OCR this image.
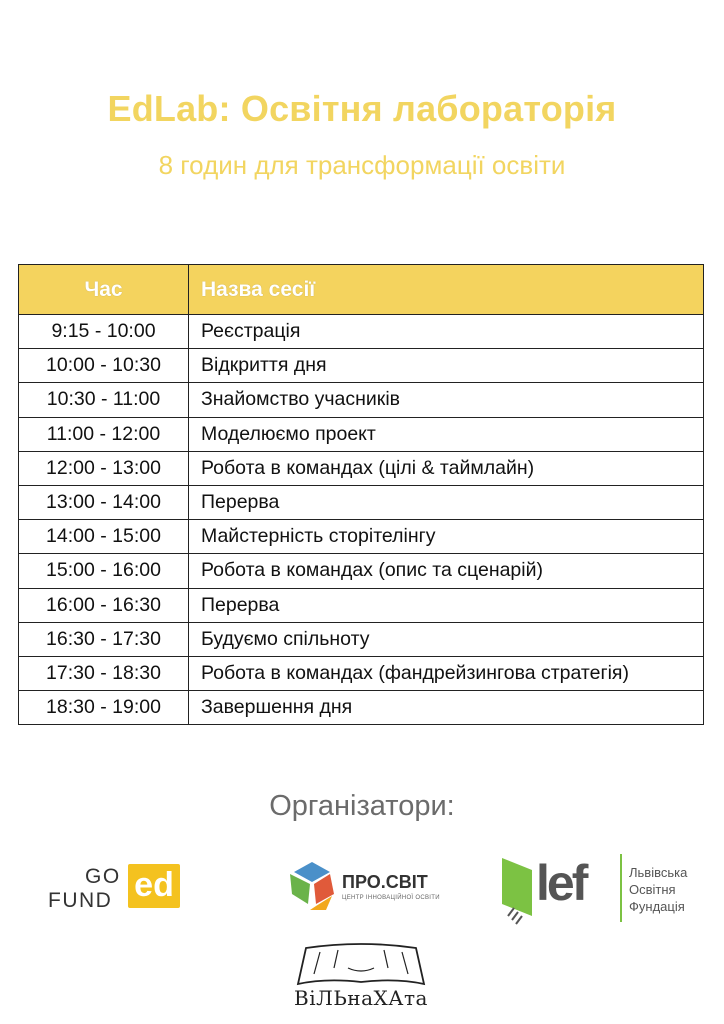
EdLab: Освітня лабораторія
8 годин для трансформації освіти
Час	Назва сесії
9:15 - 10:00	Реєстрація
10:00 - 10:30	Відкриття дня
10:30 - 11:00	Знайомство учасників
11:00 - 12:00	Моделюємо проект
12:00 - 13:00	Робота в командах (цілі & таймлайн)
13:00 - 14:00	Перерва
14:00 - 15:00	Майстерність сторітелінгу
15:00 - 16:00	Робота в командах (опис та сценарій)
16:00 - 16:30	Перерва
16:30 - 17:30	Будуємо спільноту
17:30 - 18:30	Робота в командах (фандрейзингова стратегія)
18:30 - 19:00	Завершення дня
Організатори:
GO
FUND ed	ПРО.СВІТ
ЦЕНТР ІННОВАЦІЙНОЇ ОСВІТИ lef	Львівська
Освітня
Фундація
ВіЛЬнаХАта
